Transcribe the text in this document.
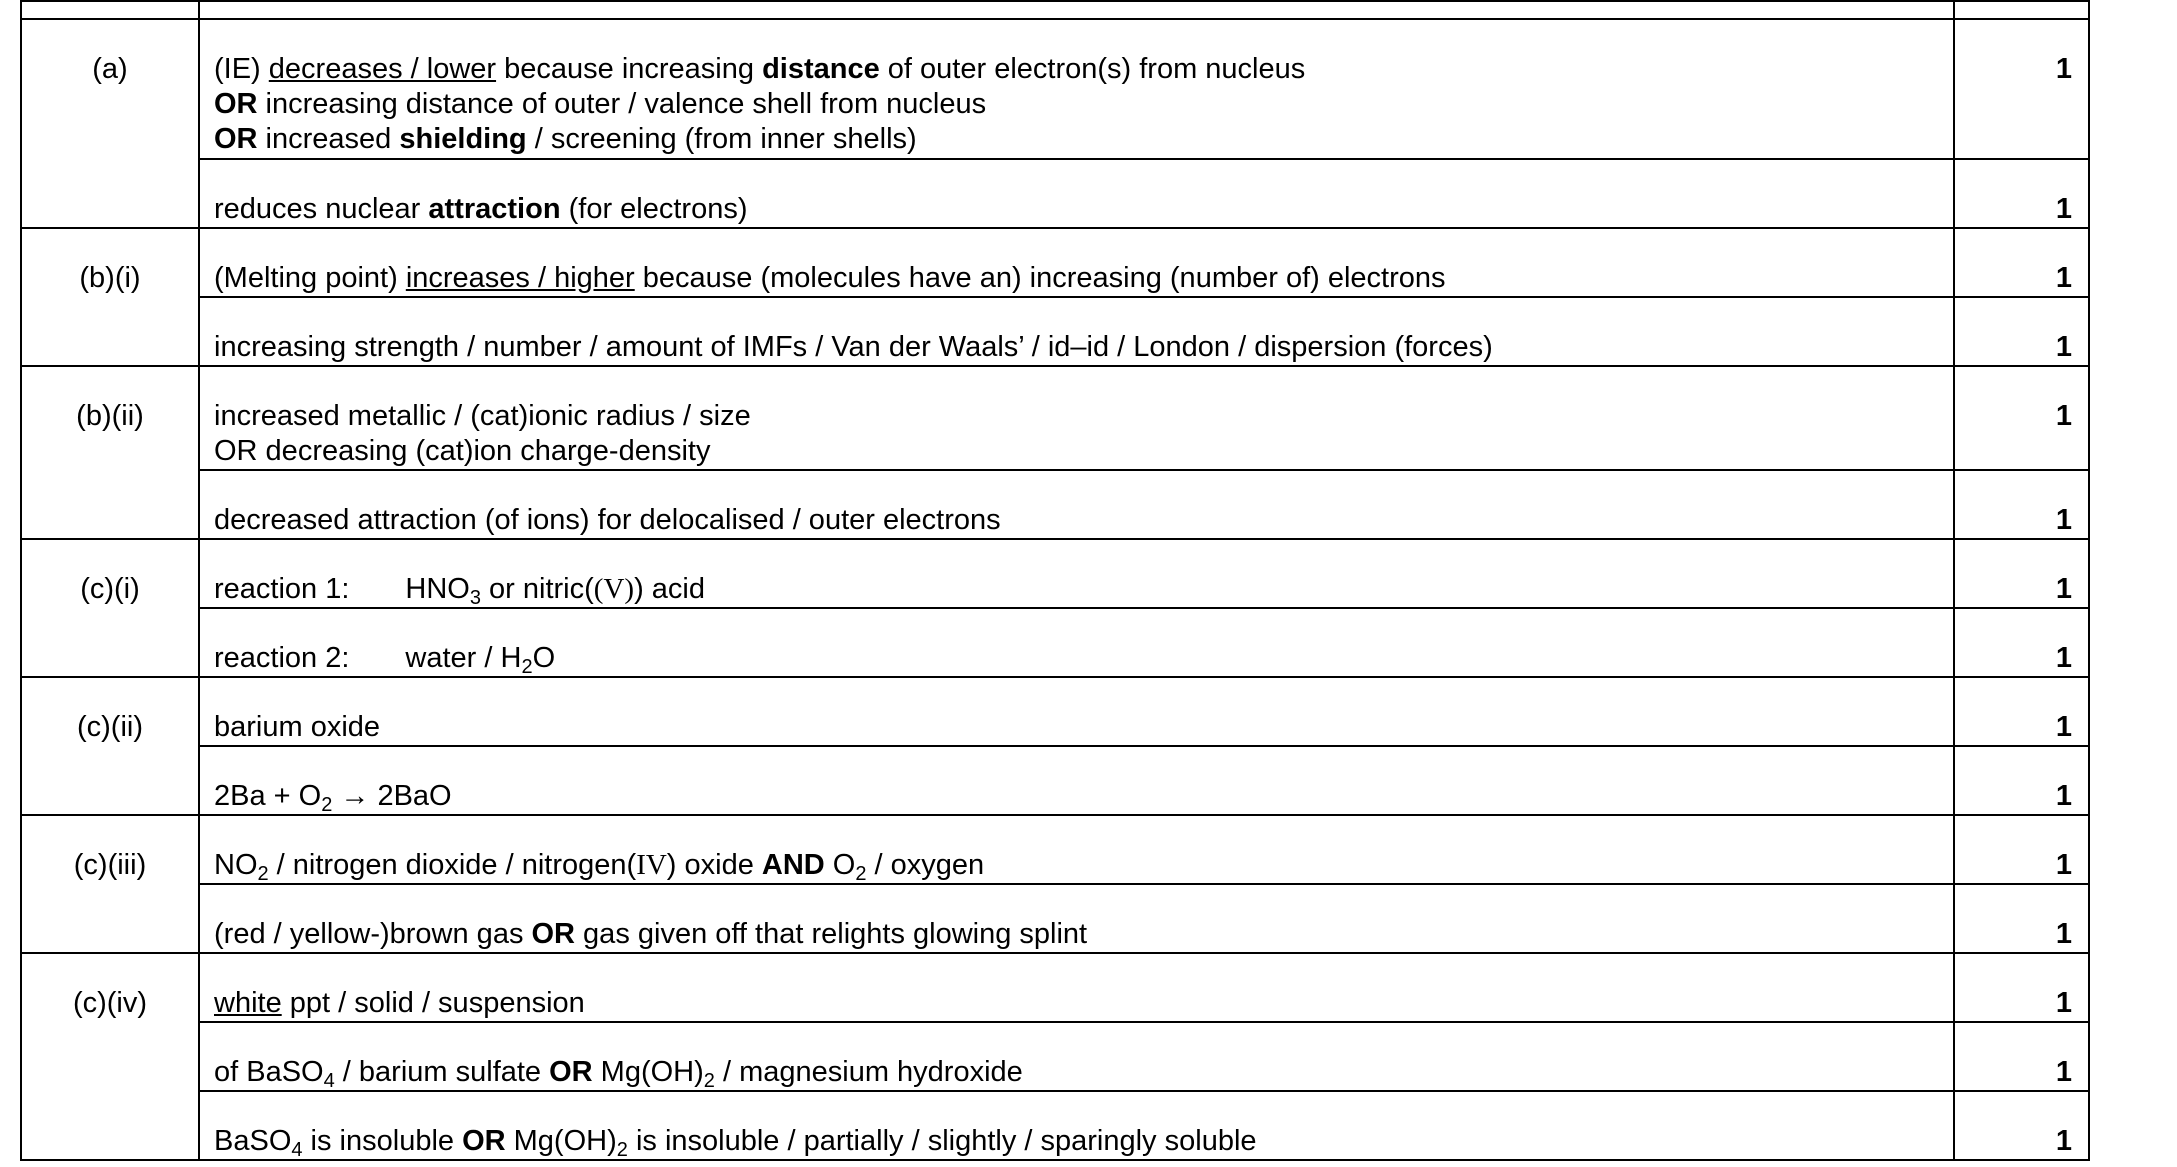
(a)	(IE) decreases / lower because increasing distance of outer electron(s) from nucleus
OR increasing distance of outer / valence shell from nucleus
OR increased shielding / screening (from inner shells)	1

	reduces nuclear attraction (for electrons)	1
(b)(i)	(Melting point) increases / higher because (molecules have an) increasing (number of) electrons	1

	increasing strength / number / amount of IMFs / Van der Waals’ / id–id / London / dispersion (forces)	1
(b)(ii)	increased metallic / (cat)ionic radius / size
OR decreasing (cat)ion charge-density	1

	decreased attraction (of ions) for delocalised / outer electrons	1
(c)(i)	reaction 1: $HNO_3$ or nitric((V)) acid	1

	reaction 2: water / $H_2O$	1
(c)(ii)	barium oxide	1

	$2Ba + O_2 \to 2BaO$	1
(c)(iii)	$NO_2$ / nitrogen dioxide / nitrogen(IV) oxide AND $O_2$ / oxygen	1

	(red / yellow-)brown gas OR gas given off that relights glowing splint	1
(c)(iv)	white ppt / solid / suspension	1

	of BaSO$_4$ / barium sulfate OR $Mg(OH)_2$ / magnesium hydroxide	1

	BaSO$_4$ is insoluble OR $Mg(OH)_2$ is insoluble / partially / slightly / sparingly soluble	1
